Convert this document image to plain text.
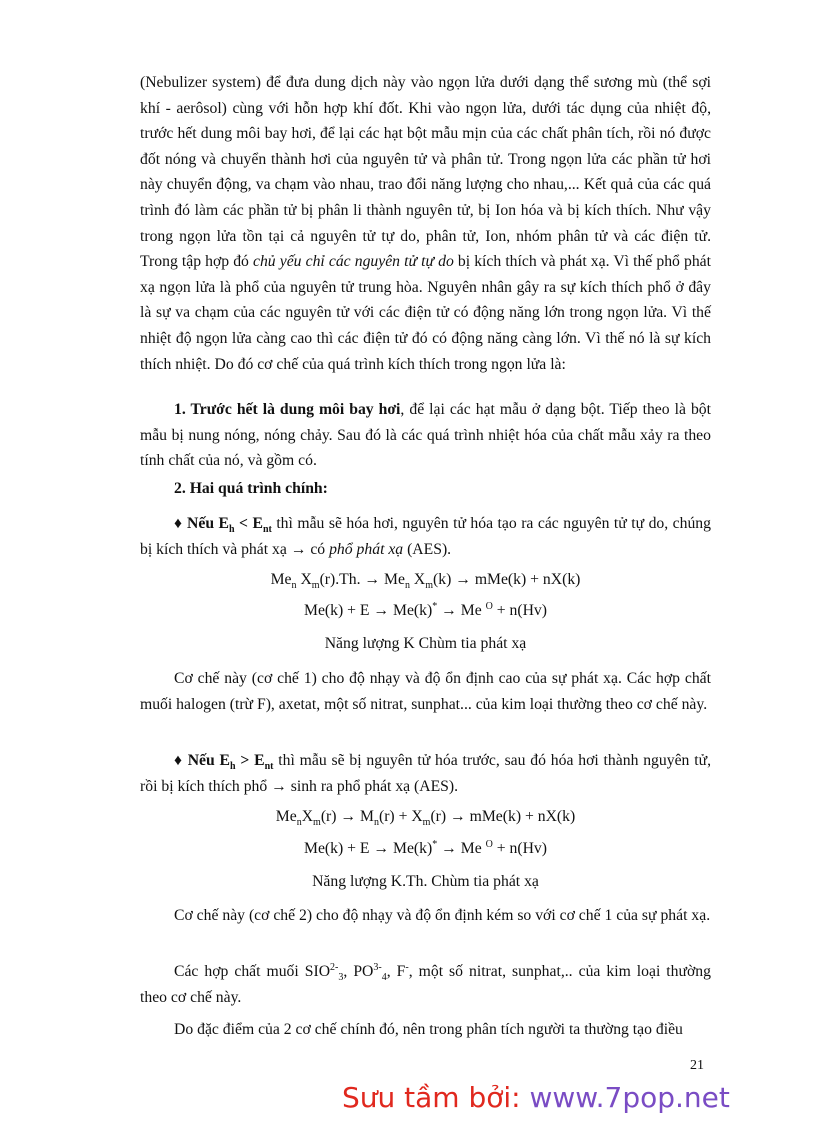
(Nebulizer system) để đưa dung dịch này vào ngọn lửa dưới dạng thể sương mù (thể sợi khí - aerôsol) cùng với hỗn hợp khí đốt. Khi vào ngọn lửa, dưới tác dụng của nhiệt độ, trước hết dung môi bay hơi, để lại các hạt bột mẫu mịn của các chất phân tích, rồi nó được đốt nóng và chuyển thành hơi của nguyên tử và phân tử. Trong ngọn lửa các phần tử hơi này chuyển động, va chạm vào nhau, trao đổi năng lượng cho nhau,... Kết quả của các quá trình đó làm các phần tử bị phân li thành nguyên tử, bị Ion hóa và bị kích thích. Như vậy trong ngọn lửa tồn tại cả nguyên tử tự do, phân tử, Ion, nhóm phân tử và các điện tử. Trong tập hợp đó chủ yếu chỉ các nguyên tử tự do bị kích thích và phát xạ. Vì thế phổ phát xạ ngọn lửa là phổ của nguyên tử trung hòa. Nguyên nhân gây ra sự kích thích phổ ở đây là sự va chạm của các nguyên tử với các điện tử có động năng lớn trong ngọn lửa. Vì thế nhiệt độ ngọn lửa càng cao thì các điện tử đó có động năng càng lớn. Vì thế nó là sự kích thích nhiệt. Do đó cơ chế của quá trình kích thích trong ngọn lửa là:

1. Trước hết là dung môi bay hơi, để lại các hạt mẫu ở dạng bột. Tiếp theo là bột mẫu bị nung nóng, nóng chảy. Sau đó là các quá trình nhiệt hóa của chất mẫu xảy ra theo tính chất của nó, và gồm có.

2. Hai quá trình chính:

♦ Nếu $E_h < E_{nt}$ thì mẫu sẽ hóa hơi, nguyên tử hóa tạo ra các nguyên tử tự do, chúng bị kích thích và phát xạ → có phổ phát xạ (AES).

$Me_n$ $X_m(r).Th$. → $Me_n$ $X_m(k) \to mMe(k) + nX(k)$
Me(k) + E → Me(k)* → Me $^O$ + n(Hv)
Năng lượng K Chùm tia phát xạ

Cơ chế này (cơ chế 1) cho độ nhạy và độ ổn định cao của sự phát xạ. Các hợp chất muối halogen (trừ F), axetat, một số nitrat, sunphat... của kim loại thường theo cơ chế này.

♦ Nếu $E_h > E_{nt}$ thì mẫu sẽ bị nguyên tử hóa trước, sau đó hóa hơi thành nguyên tử, rồi bị kích thích phổ → sinh ra phổ phát xạ (AES).

$Me_nX_m(r) \to M_n(r) + X_m(r) \to mMe(k) + nX(k)$
Me(k) + E → Me(k)* → Me $^O$ + n(Hv)
Năng lượng K.Th. Chùm tia phát xạ

Cơ chế này (cơ chế 2) cho độ nhạy và độ ổn định kém so với cơ chế 1 của sự phát xạ.

Các hợp chất muối $SIO^{2-}_3$, $PO^{3-}_4$, F-, một số nitrat, sunphat,.. của kim loại thường theo cơ chế này.

Do đặc điểm của 2 cơ chế chính đó, nên trong phân tích người ta thường tạo điều

21
Sưu tầm bởi: www.7pop.net
